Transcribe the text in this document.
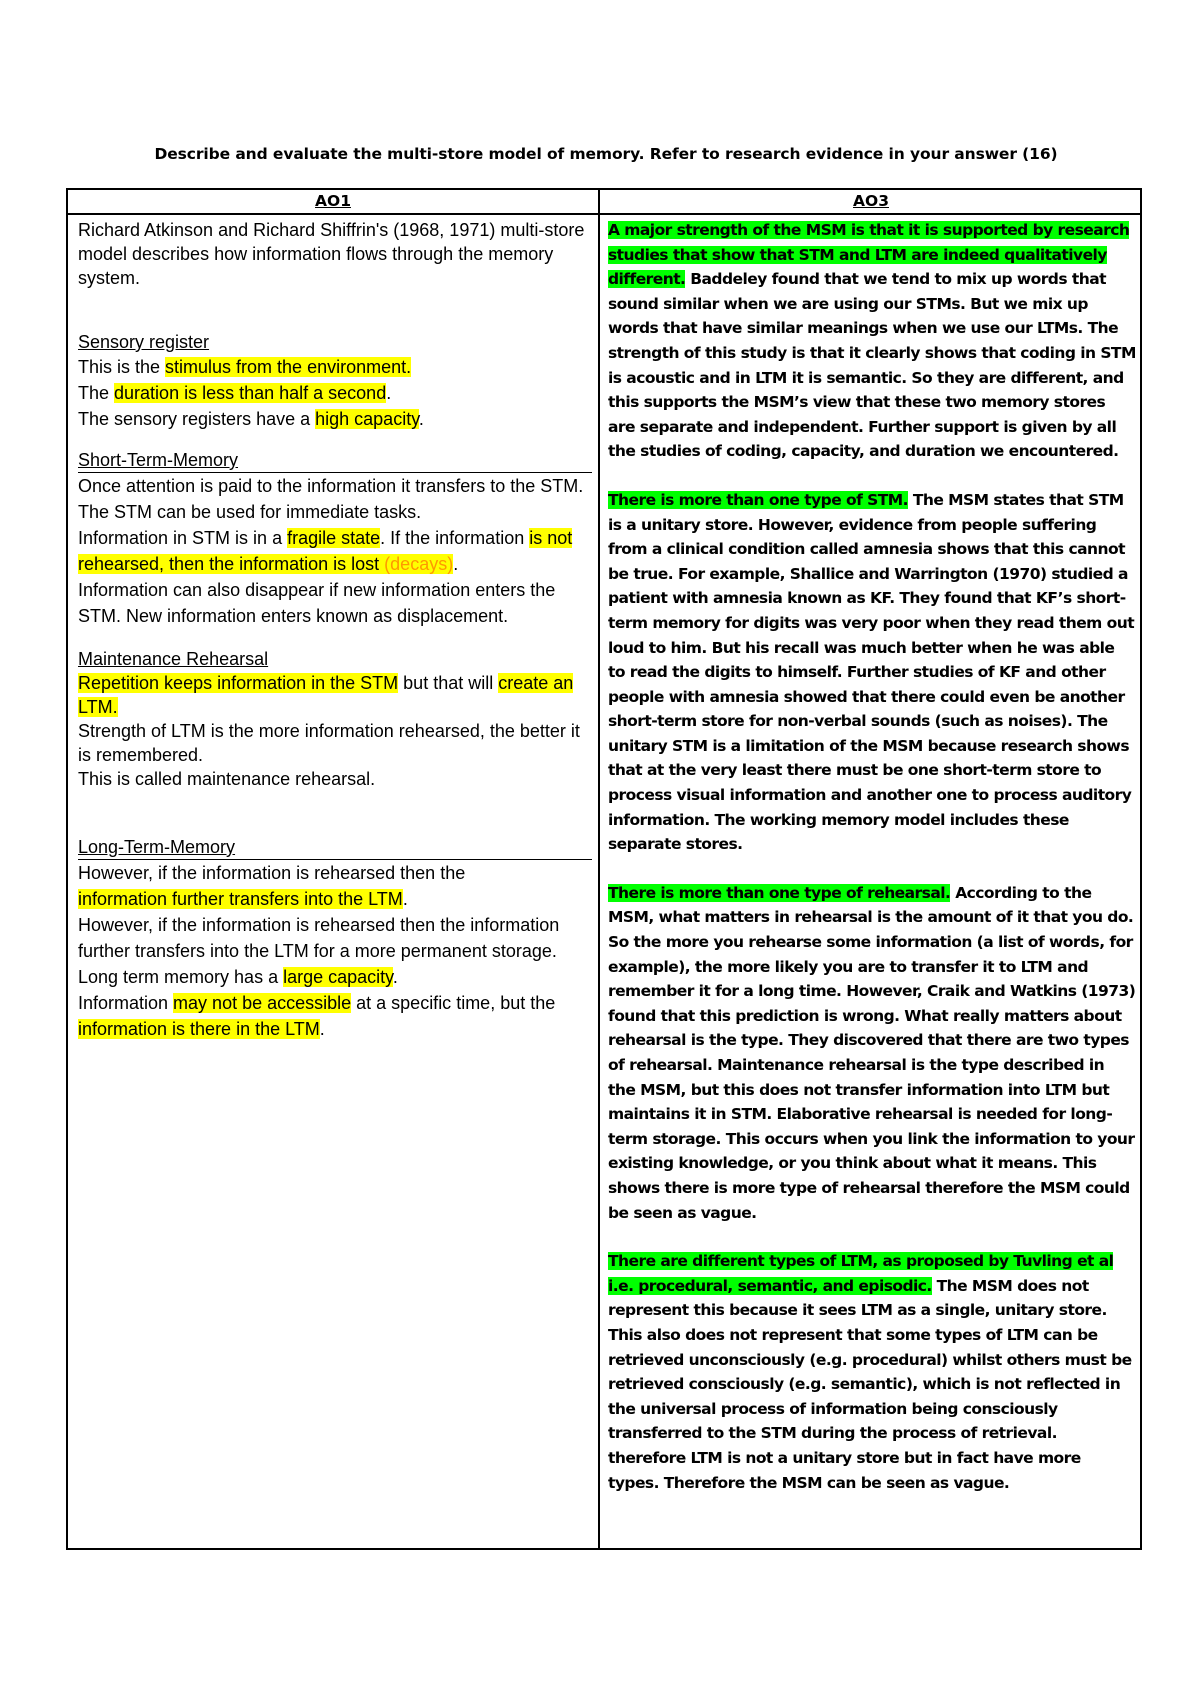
Describe and evaluate the multi-store model of memory. Refer to research evidence in your answer (16)
AO1	AO3

Richard Atkinson and Richard Shiffrin's (1968, 1971) multi-store model describes how information flows through the memory system.

Sensory register

This is the stimulus from the environment.

The duration is less than half a second.

The sensory registers have a high capacity.

Short-Term-Memory

Once attention is paid to the information it transfers to the STM. The STM can be used for immediate tasks.

Information in STM is in a fragile state. If the information is not rehearsed, then the information is lost (decays).

Information can also disappear if new information enters the STM. New information enters known as displacement.

Maintenance Rehearsal

Repetition keeps information in the STM but that will create an LTM.

Strength of LTM is the more information rehearsed, the better it is remembered.

This is called maintenance rehearsal.

Long-Term-Memory

However, if the information is rehearsed then the
information further transfers into the LTM.

However, if the information is rehearsed then the information further transfers into the LTM for a more permanent storage.

Long term memory has a large capacity.

Information may not be accessible at a specific time, but the information is there in the LTM.

A major strength of the MSM is that it is supported by research studies that show that STM and LTM are indeed qualitatively different. Baddeley found that we tend to mix up words that sound similar when we are using our STMs. But we mix up words that have similar meanings when we use our LTMs. The strength of this study is that it clearly shows that coding in STM is acoustic and in LTM it is semantic. So they are different, and this supports the MSM’s view that these two memory stores are separate and independent. Further support is given by all the studies of coding, capacity, and duration we encountered.

There is more than one type of STM. The MSM states that STM is a unitary store. However, evidence from people suffering from a clinical condition called amnesia shows that this cannot be true. For example, Shallice and Warrington (1970) studied a patient with amnesia known as KF. They found that KF’s short-term memory for digits was very poor when they read them out loud to him. But his recall was much better when he was able to read the digits to himself. Further studies of KF and other people with amnesia showed that there could even be another short-term store for non-verbal sounds (such as noises). The unitary STM is a limitation of the MSM because research shows that at the very least there must be one short-term store to process visual information and another one to process auditory information. The working memory model includes these separate stores.

There is more than one type of rehearsal. According to the MSM, what matters in rehearsal is the amount of it that you do. So the more you rehearse some information (a list of words, for example), the more likely you are to transfer it to LTM and remember it for a long time. However, Craik and Watkins (1973) found that this prediction is wrong. What really matters about rehearsal is the type. They discovered that there are two types of rehearsal. Maintenance rehearsal is the type described in the MSM, but this does not transfer information into LTM but maintains it in STM. Elaborative rehearsal is needed for long-term storage. This occurs when you link the information to your existing knowledge, or you think about what it means. This shows there is more type of rehearsal therefore the MSM could be seen as vague.

There are different types of LTM, as proposed by Tuvling et al i.e. procedural, semantic, and episodic. The MSM does not represent this because it sees LTM as a single, unitary store. This also does not represent that some types of LTM can be retrieved unconsciously (e.g. procedural) whilst others must be retrieved consciously (e.g. semantic), which is not reflected in the universal process of information being consciously transferred to the STM during the process of retrieval. therefore LTM is not a unitary store but in fact have more types. Therefore the MSM can be seen as vague.
